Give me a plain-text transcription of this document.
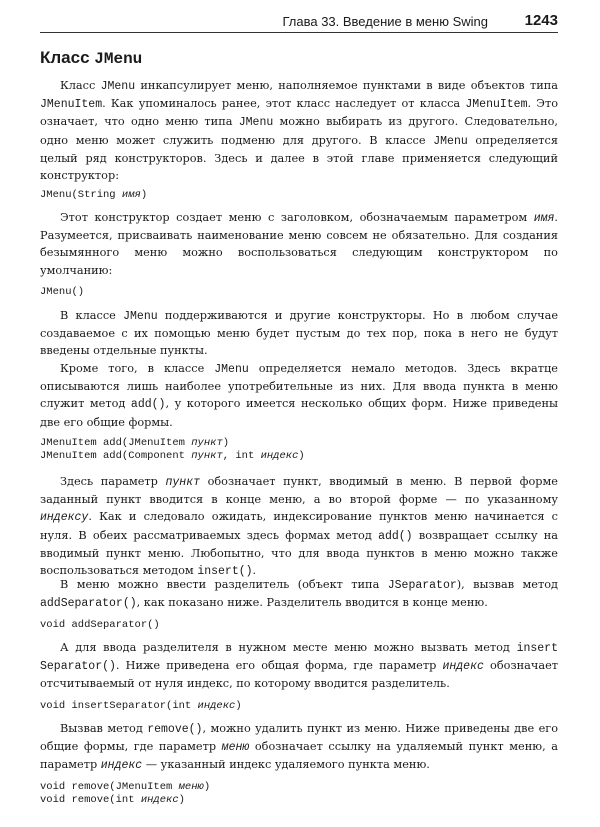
Глава 33. Введение в меню Swing 1243
Класс JMenu

Класс JMenu инкапсулирует меню, наполняемое пунктами в виде объектов типа JMenuItem. Как упоминалось ранее, этот класс наследует от класса JMenuItem. Это означает, что одно меню типа JMenu можно выбирать из другого. Следовательно, одно меню может служить подменю для другого. В классе JMenu определяется целый ряд конструкторов. Здесь и далее в этой главе применяется следующий конструктор:

JMenu(String имя)

Этот конструктор создает меню с заголовком, обозначаемым параметром имя. Разумеется, присваивать наименование меню совсем не обязательно. Для создания безымянного меню можно воспользоваться следующим конструктором по умолчанию:

JMenu()

В классе JMenu поддерживаются и другие конструкторы. Но в любом случае создаваемое с их помощью меню будет пустым до тех пор, пока в него не будут введены отдельные пункты.

Кроме того, в классе JMenu определяется немало методов. Здесь вкратце описываются лишь наиболее употребительные из них. Для ввода пункта в меню служит метод add(), у которого имеется несколько общих форм. Ниже приведены две его общие формы.

JMenuItem add(JMenuItem пункт)
JMenuItem add(Component пункт, int индекс)

Здесь параметр пункт обозначает пункт, вводимый в меню. В первой форме заданный пункт вводится в конце меню, а во второй форме — по указанному индексу. Как и следовало ожидать, индексирование пунктов меню начинается с нуля. В обеих рассматриваемых здесь формах метод add() возвращает ссылку на вводимый пункт меню. Любопытно, что для ввода пунктов в меню можно также воспользоваться методом insert().

В меню можно ввести разделитель (объект типа JSeparator), вызвав метод addSeparator(), как показано ниже. Разделитель вводится в конце меню.

void addSeparator()

А для ввода разделителя в нужном месте меню можно вызвать метод insert Separator(). Ниже приведена его общая форма, где параметр индекс обозначает отсчитываемый от нуля индекс, по которому вводится разделитель.

void insertSeparator(int индекс)

Вызвав метод remove(), можно удалить пункт из меню. Ниже приведены две его общие формы, где параметр меню обозначает ссылку на удаляемый пункт меню, а параметр индекс — указанный индекс удаляемого пункта меню.

void remove(JMenuItem меню)
void remove(int индекс)
